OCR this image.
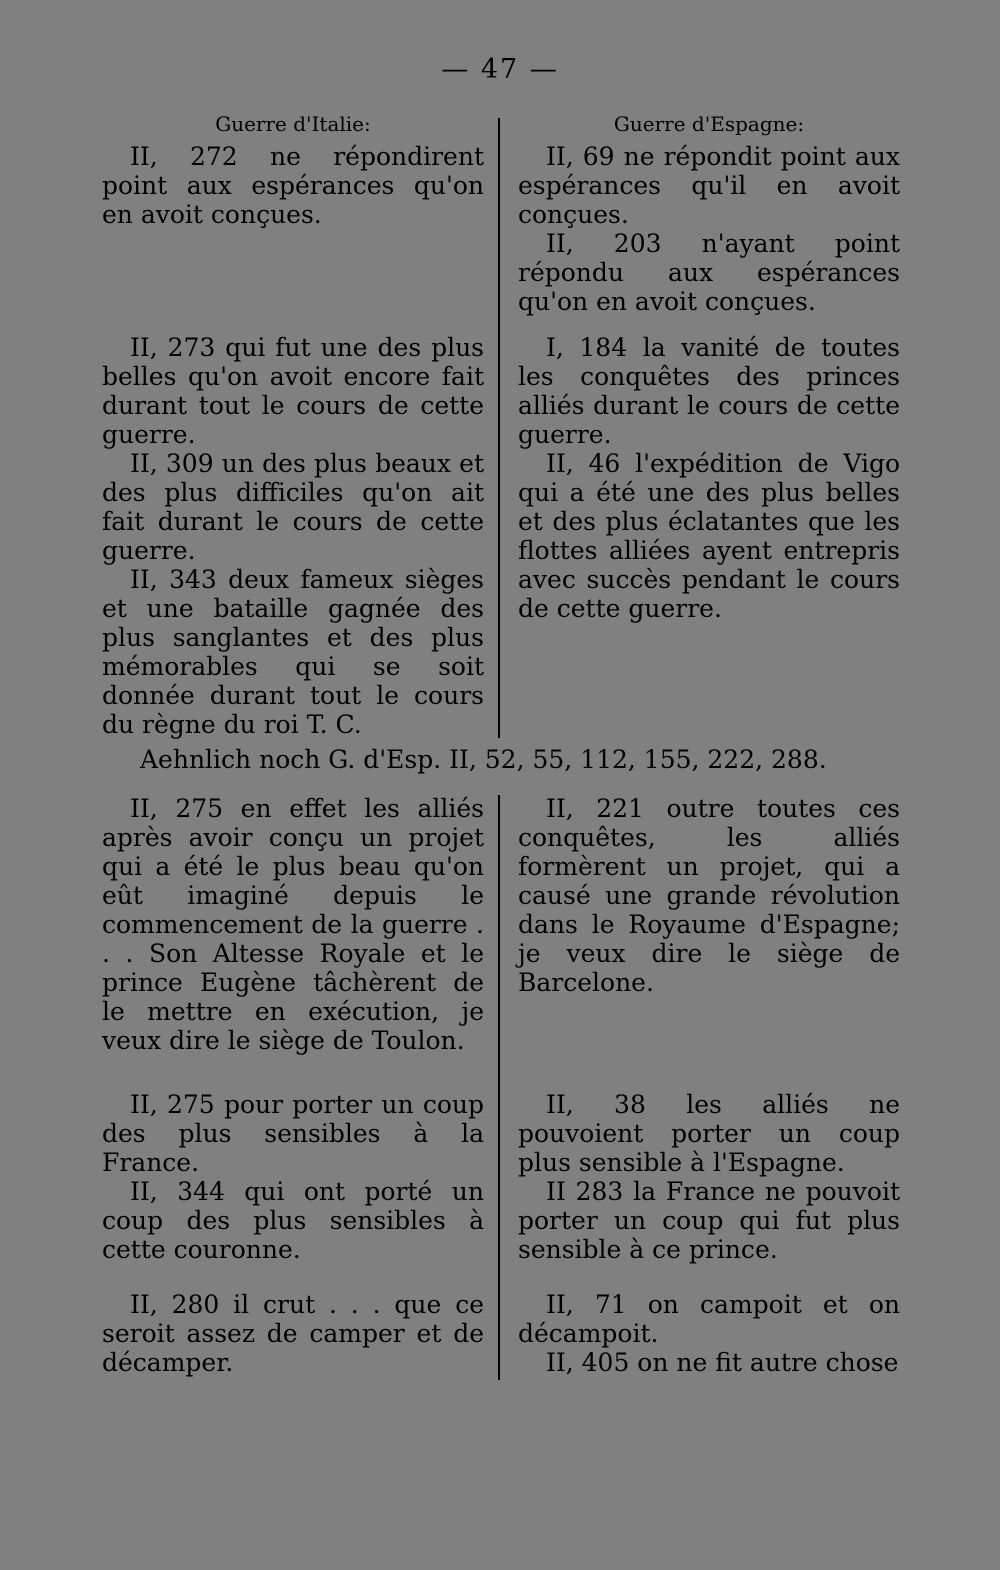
— 47 —
Guerre d'Italie:	Guerre d'Espagne:

II, 272 ne répondirent point aux espérances qu'on en avoit conçues.

II, 69 ne répondit point aux espérances qu'il en avoit conçues.

II, 203 n'ayant point répondu aux espérances qu'on en avoit conçues.

II, 273 qui fut une des plus belles qu'on avoit encore fait durant tout le cours de cette guerre.

II, 309 un des plus beaux et des plus difficiles qu'on ait fait durant le cours de cette guerre.

II, 343 deux fameux sièges et une bataille gagnée des plus sanglantes et des plus mémorables qui se soit donnée durant tout le cours du règne du roi T. C.

I, 184 la vanité de toutes les conquêtes des princes alliés durant le cours de cette guerre.

II, 46 l'expédition de Vigo qui a été une des plus belles et des plus éclatantes que les flottes alliées ayent entrepris avec succès pendant le cours de cette guerre.

Aehnlich noch G. d'Esp. II, 52, 55, 112, 155, 222, 288.

II, 275 en effet les alliés après avoir conçu un projet qui a été le plus beau qu'on eût imaginé depuis le commencement de la guerre . . . Son Altesse Royale et le prince Eugène tâchèrent de le mettre en exécution, je veux dire le siège de Toulon.

II, 221 outre toutes ces conquêtes, les alliés formèrent un projet, qui a causé une grande révolution dans le Royaume d'Espagne; je veux dire le siège de Barcelone.

II, 275 pour porter un coup des plus sensibles à la France.

II, 344 qui ont porté un coup des plus sensibles à cette couronne.

II, 38 les alliés ne pouvoient porter un coup plus sensible à l'Espagne.

II 283 la France ne pouvoit porter un coup qui fut plus sensible à ce prince.

II, 280 il crut . . . que ce seroit assez de camper et de décamper.

II, 71 on campoit et on décampoit.

II, 405 on ne fit autre chose
